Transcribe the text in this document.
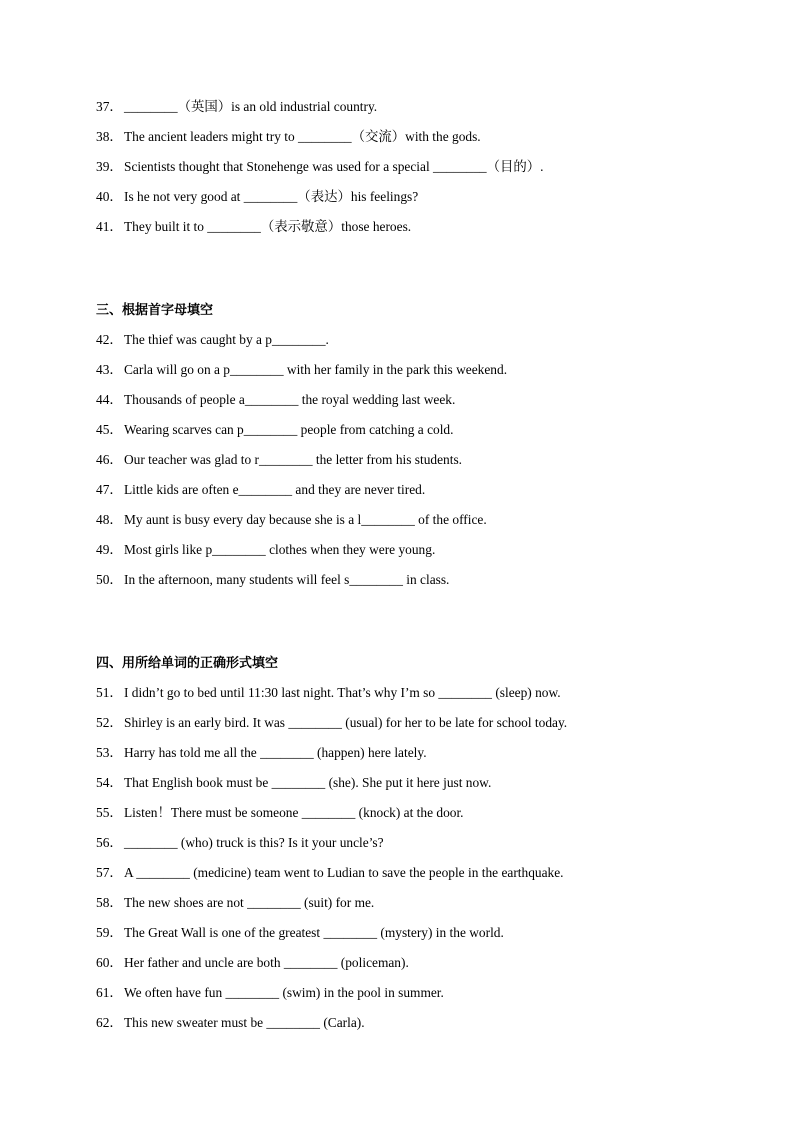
37．________（英国）is an old industrial country.
38．The ancient leaders might try to ________（交流）with the gods.
39．Scientists thought that Stonehenge was used for a special ________（目的）.
40．Is he not very good at ________（表达）his feelings?
41．They built it to ________（表示敬意）those heroes.
三、根据首字母填空
42．The thief was caught by a p________.
43．Carla will go on a p________ with her family in the park this weekend.
44．Thousands of people a________ the royal wedding last week.
45．Wearing scarves can p________ people from catching a cold.
46．Our teacher was glad to r________ the letter from his students.
47．Little kids are often e________ and they are never tired.
48．My aunt is busy every day because she is a l________ of the office.
49．Most girls like p________ clothes when they were young.
50．In the afternoon, many students will feel s________ in class.
四、用所给单词的正确形式填空
51．I didn’t go to bed until 11:30 last night. That’s why I’m so ________ (sleep) now.
52．Shirley is an early bird. It was ________ (usual) for her to be late for school today.
53．Harry has told me all the ________ (happen) here lately.
54．That English book must be ________ (she). She put it here just now.
55．Listen！There must be someone ________ (knock) at the door.
56．________ (who) truck is this? Is it your uncle’s?
57．A ________ (medicine) team went to Ludian to save the people in the earthquake.
58．The new shoes are not ________ (suit) for me.
59．The Great Wall is one of the greatest ________ (mystery) in the world.
60．Her father and uncle are both ________ (policeman).
61．We often have fun ________ (swim) in the pool in summer.
62．This new sweater must be ________ (Carla).
